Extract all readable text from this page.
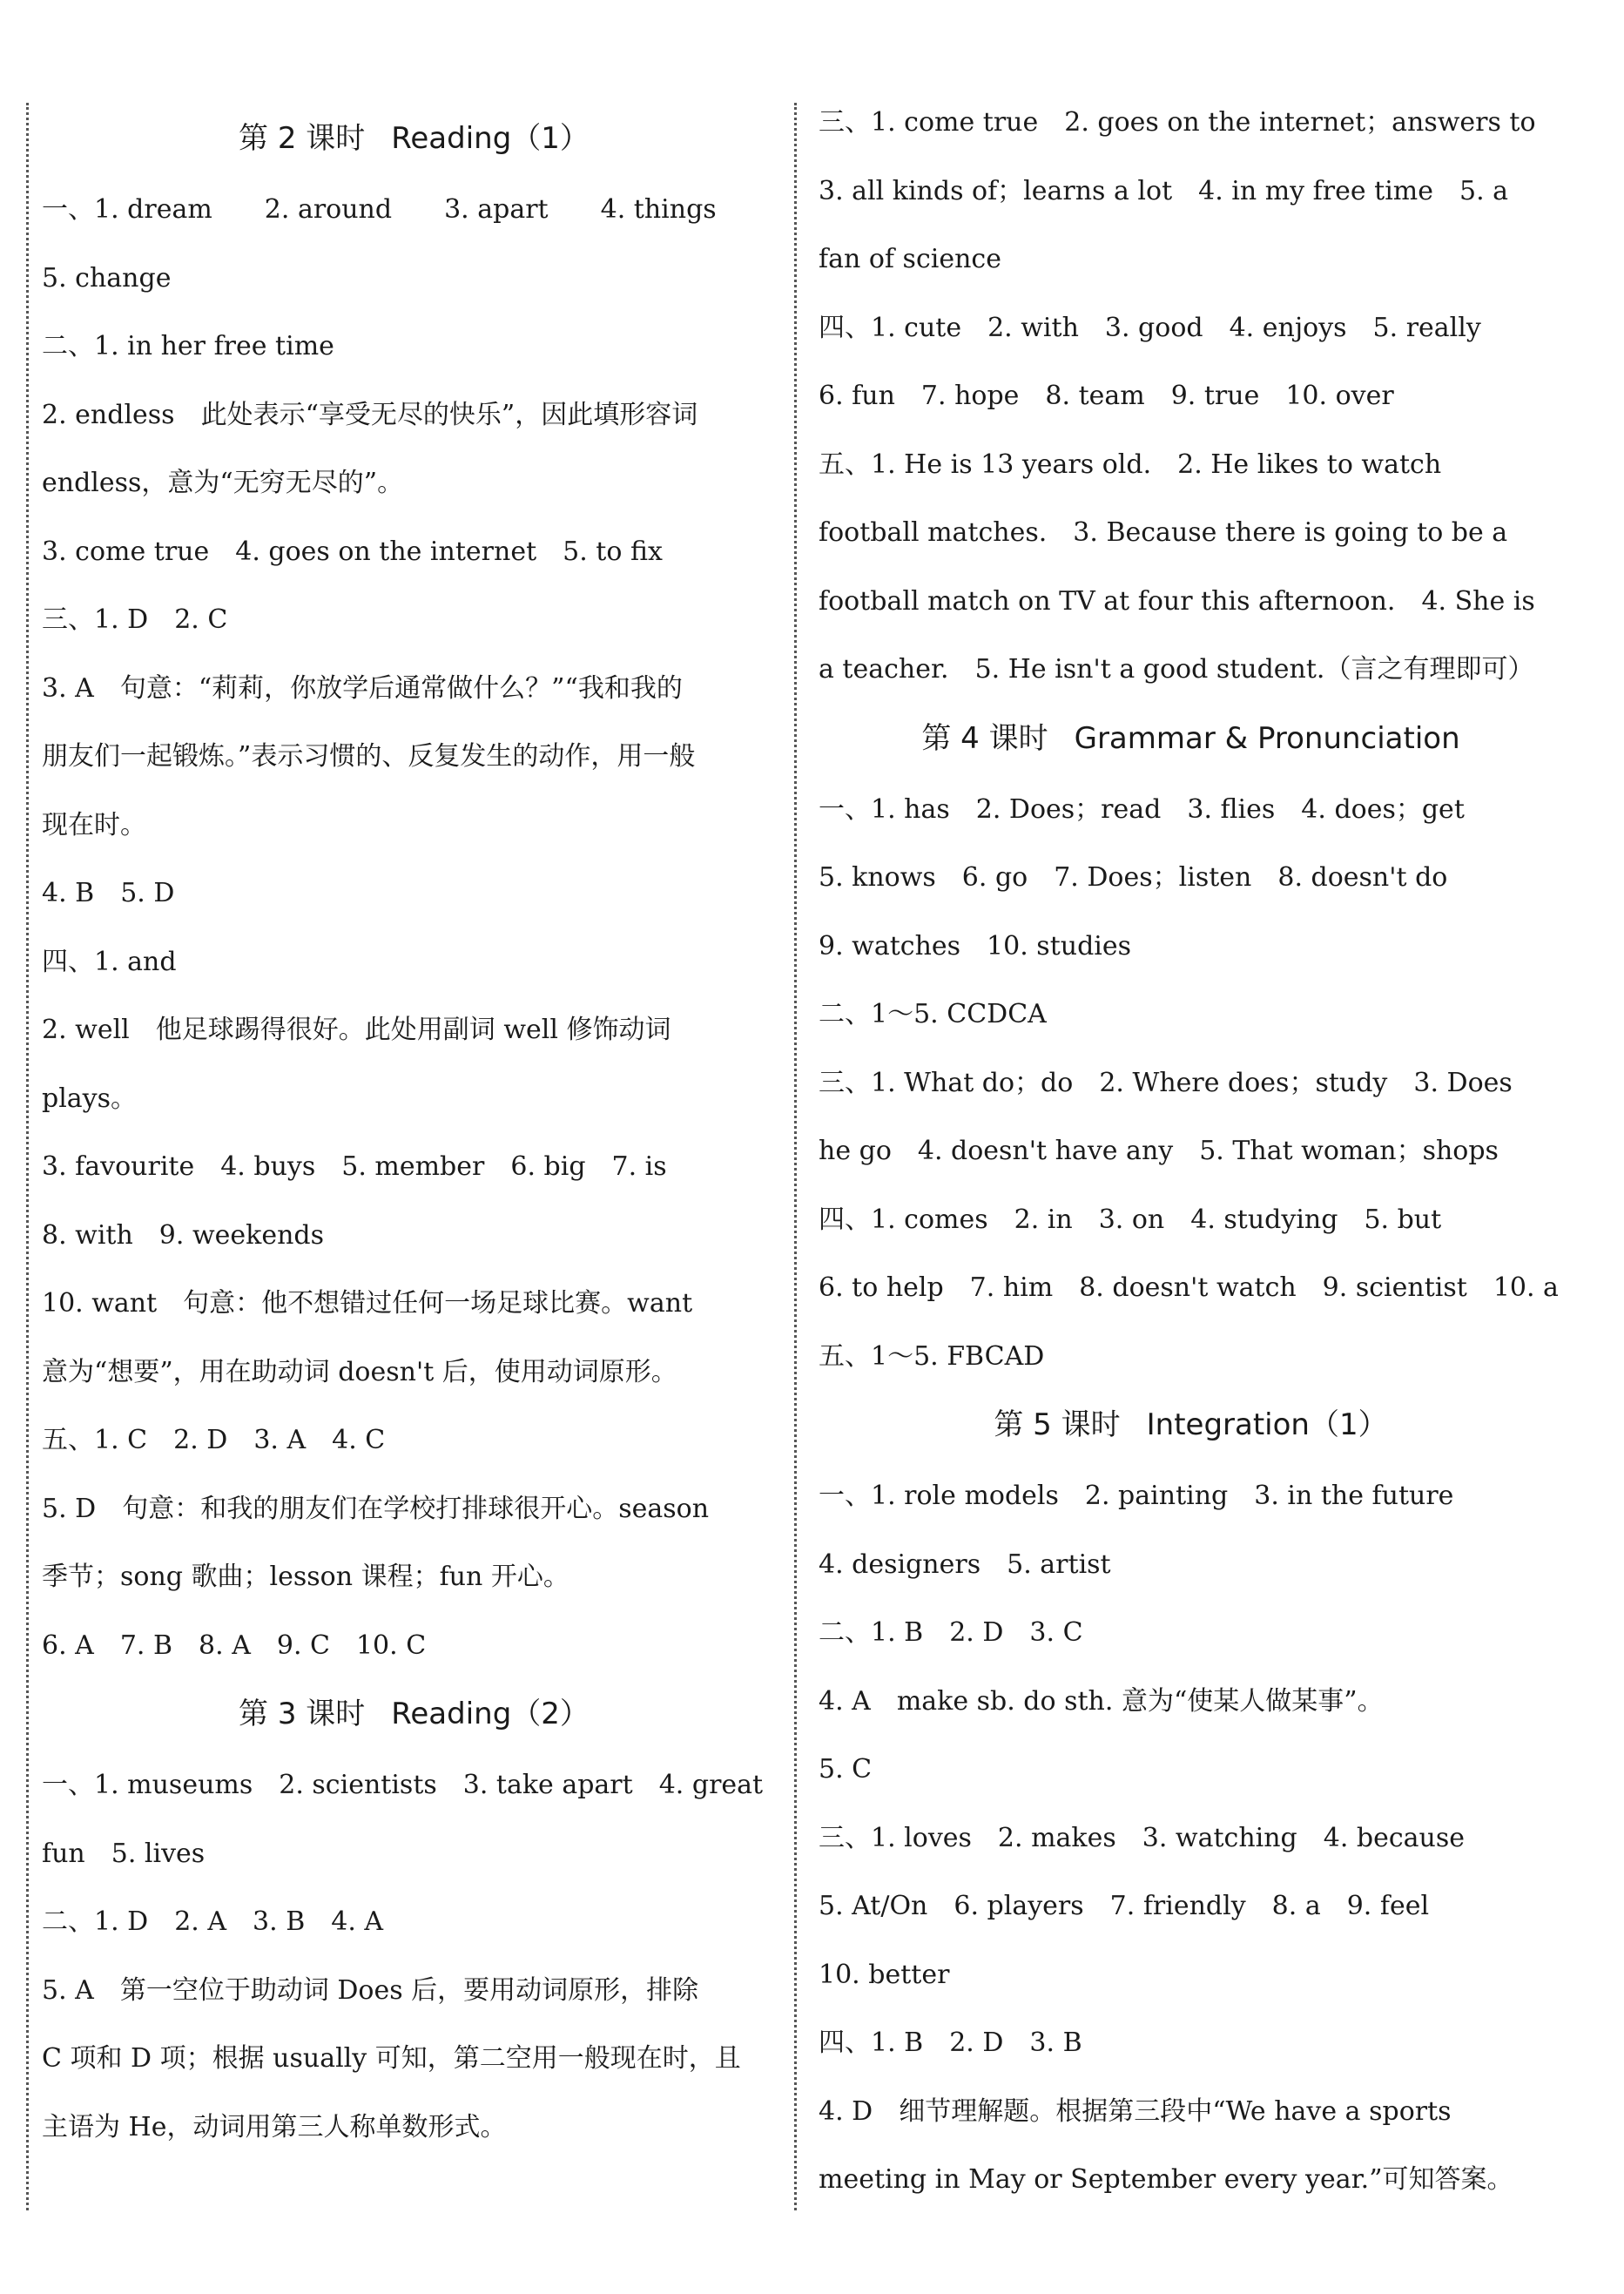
第 2 课时 Reading（1）
一、1. dream　　2. around　　3. apart　　4. things
5. change
二、1. in her free time
2. endless　此处表示“享受无尽的快乐”，因此填形容词
endless，意为“无穷无尽的”。
3. come true　4. goes on the internet　5. to fix
三、1. D　2. C
3. A　句意：“莉莉，你放学后通常做什么？”“我和我的
朋友们一起锻炼。”表示习惯的、反复发生的动作，用一般
现在时。
4. B　5. D
四、1. and
2. well　他足球踢得很好。此处用副词 well 修饰动词
plays。
3. favourite　4. buys　5. member　6. big　7. is
8. with　9. weekends
10. want　句意：他不想错过任何一场足球比赛。want
意为“想要”，用在助动词 doesn't 后，使用动词原形。
五、1. C　2. D　3. A　4. C
5. D　句意：和我的朋友们在学校打排球很开心。season
季节；song 歌曲；lesson 课程；fun 开心。
6. A　7. B　8. A　9. C　10. C
第 3 课时 Reading（2）
一、1. museums　2. scientists　3. take apart　4. great
fun　5. lives
二、1. D　2. A　3. B　4. A
5. A　第一空位于助动词 Does 后，要用动词原形，排除
C 项和 D 项；根据 usually 可知，第二空用一般现在时，且
主语为 He，动词用第三人称单数形式。
三、1. come true　2. goes on the internet；answers to
3. all kinds of；learns a lot　4. in my free time　5. a
fan of science
四、1. cute　2. with　3. good　4. enjoys　5. really
6. fun　7. hope　8. team　9. true　10. over
五、1. He is 13 years old.　2. He likes to watch
football matches.　3. Because there is going to be a
football match on TV at four this afternoon.　4. She is
a teacher.　5. He isn't a good student.（言之有理即可）
第 4 课时 Grammar & Pronunciation
一、1. has　2. Does；read　3. flies　4. does；get
5. knows　6. go　7. Does；listen　8. doesn't do
9. watches　10. studies
二、1～5. CCDCA
三、1. What do；do　2. Where does；study　3. Does
he go　4. doesn't have any　5. That woman；shops
四、1. comes　2. in　3. on　4. studying　5. but
6. to help　7. him　8. doesn't watch　9. scientist　10. a
五、1～5. FBCAD
第 5 课时 Integration（1）
一、1. role models　2. painting　3. in the future
4. designers　5. artist
二、1. B　2. D　3. C
4. A　make sb. do sth. 意为“使某人做某事”。
5. C
三、1. loves　2. makes　3. watching　4. because
5. At/On　6. players　7. friendly　8. a　9. feel
10. better
四、1. B　2. D　3. B
4. D　细节理解题。根据第三段中“We have a sports
meeting in May or September every year.”可知答案。
